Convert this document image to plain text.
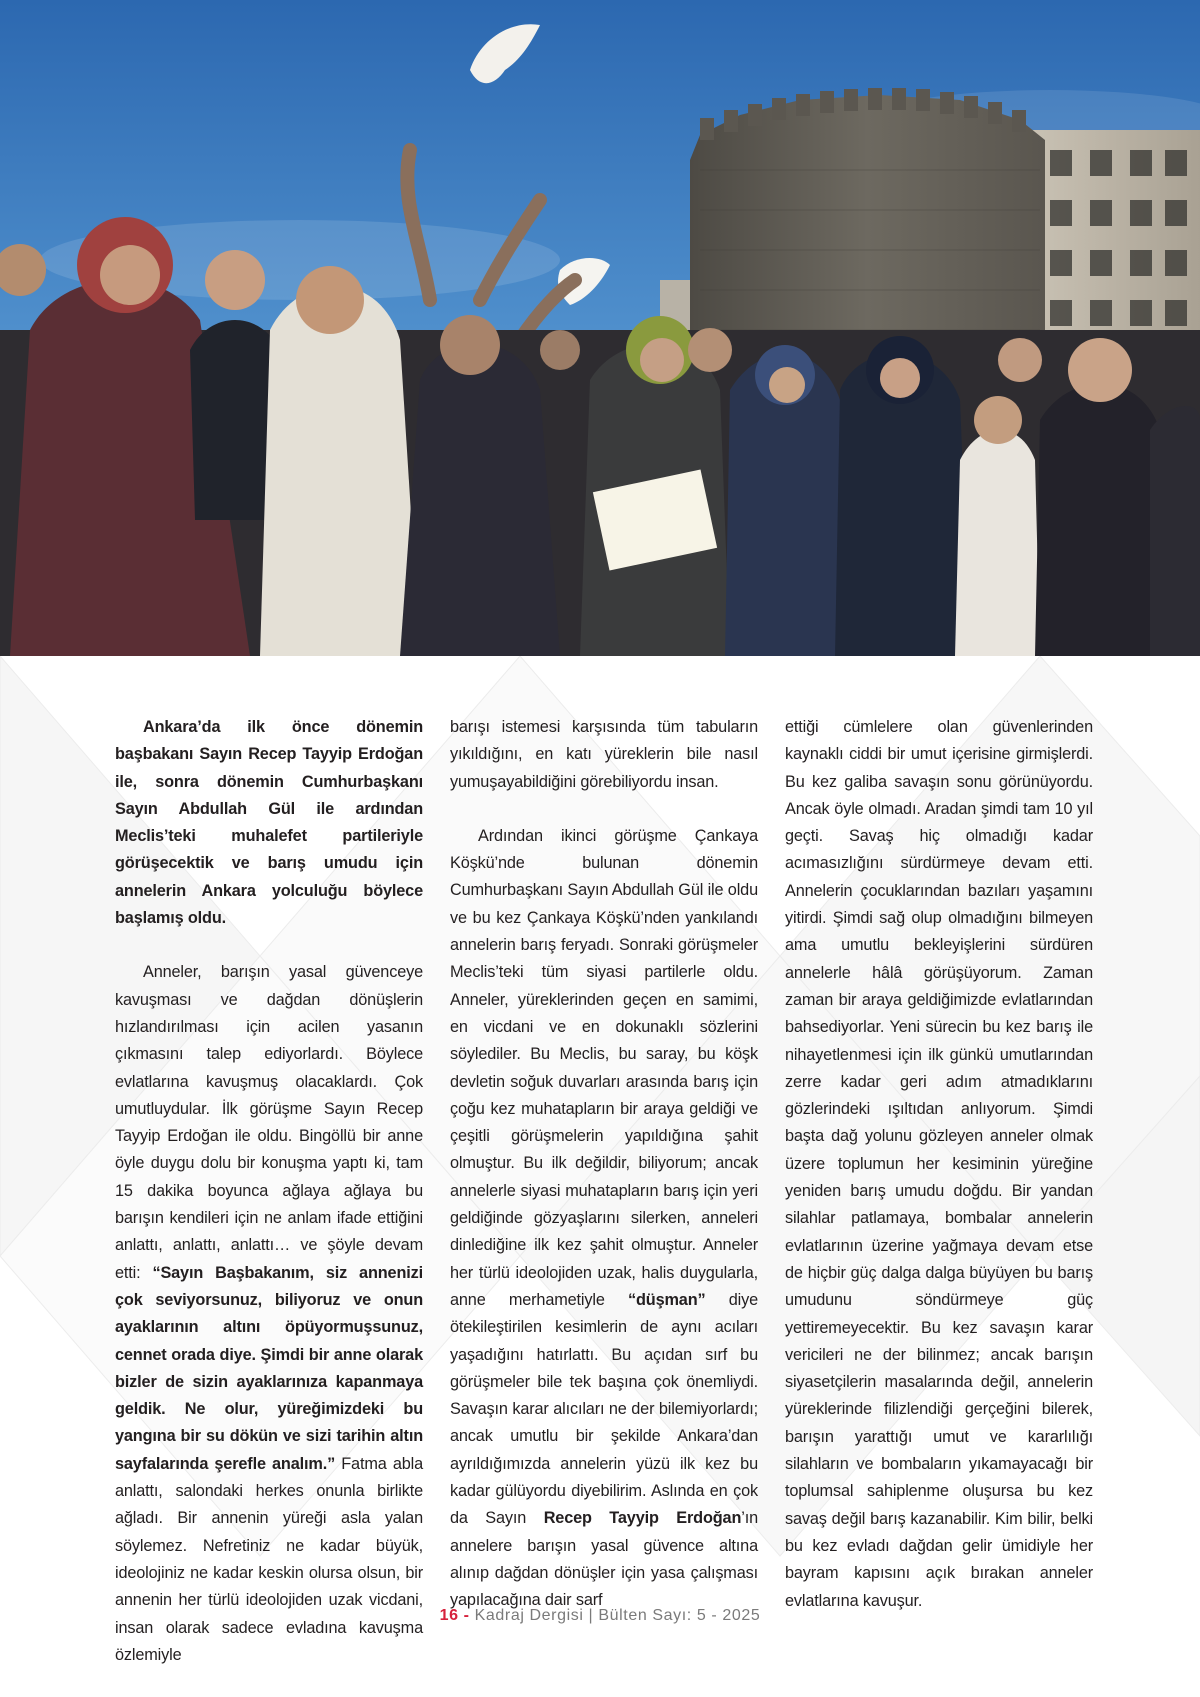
Ankara’da ilk önce dönemin başbakanı Sayın Recep Tayyip Erdoğan ile, sonra dönemin Cumhurbaşkanı Sayın Abdullah Gül ile ardından Meclis’teki muhalefet partileriyle görüşecektik ve barış umudu için annelerin Ankara yolculuğu böylece başlamış oldu.

Anneler, barışın yasal güvenceye kavuşması ve dağdan dönüşlerin hızlandırılması için acilen yasanın çıkmasını talep ediyorlardı. Böylece evlatlarına kavuşmuş olacaklardı. Çok umutluydular. İlk görüşme Sayın Recep Tayyip Erdoğan ile oldu. Bingöllü bir anne öyle duygu dolu bir konuşma yaptı ki, tam 15 dakika boyunca ağlaya ağlaya bu barışın kendileri için ne anlam ifade ettiğini anlattı, anlattı, anlattı… ve şöyle devam etti: “Sayın Başbakanım, siz annenizi çok seviyorsunuz, biliyoruz ve onun ayaklarının altını öpüyormuşsunuz, cennet orada diye. Şimdi bir anne olarak bizler de sizin ayaklarınıza kapanmaya geldik. Ne olur, yüreğimizdeki bu yangına bir su dökün ve sizi tarihin altın sayfalarında şerefle analım.” Fatma abla anlattı, salondaki herkes onunla birlikte ağladı. Bir annenin yüreği asla yalan söylemez. Nefretiniz ne kadar büyük, ideolojiniz ne kadar keskin olursa olsun, bir annenin her türlü ideolojiden uzak vicdani, insan olarak sadece evladına kavuşma özlemiyle

barışı istemesi karşısında tüm tabuların yıkıldığını, en katı yüreklerin bile nasıl yumuşayabildiğini görebiliyordu insan.

Ardından ikinci görüşme Çankaya Köşkü’nde bulunan dönemin Cumhurbaşkanı Sayın Abdullah Gül ile oldu ve bu kez Çankaya Köşkü’nden yankılandı annelerin barış feryadı. Sonraki görüşmeler Meclis’teki tüm siyasi partilerle oldu. Anneler, yüreklerinden geçen en samimi, en vicdani ve en dokunaklı sözlerini söylediler. Bu Meclis, bu saray, bu köşk devletin soğuk duvarları arasında barış için çoğu kez muhatapların bir araya geldiği ve çeşitli görüşmelerin yapıldığına şahit olmuştur. Bu ilk değildir, biliyorum; ancak annelerle siyasi muhatapların barış için yeri geldiğinde gözyaşlarını silerken, anneleri dinlediğine ilk kez şahit olmuştur. Anneler her türlü ideolojiden uzak, halis duygularla, anne merhametiyle “düşman” diye ötekileştirilen kesimlerin de aynı acıları yaşadığını hatırlattı. Bu açıdan sırf bu görüşmeler bile tek başına çok önemliydi. Savaşın karar alıcıları ne der bilemiyorlardı; ancak umutlu bir şekilde Ankara’dan ayrıldığımızda annelerin yüzü ilk kez bu kadar gülüyordu diyebilirim. Aslında en çok da Sayın Recep Tayyip Erdoğan’ın annelere barışın yasal güvence altına alınıp dağdan dönüşler için yasa çalışması yapılacağına dair sarf

ettiği cümlelere olan güvenlerinden kaynaklı ciddi bir umut içerisine girmişlerdi. Bu kez galiba savaşın sonu görünüyordu. Ancak öyle olmadı. Aradan şimdi tam 10 yıl geçti. Savaş hiç olmadığı kadar acımasızlığını sürdürmeye devam etti. Annelerin çocuklarından bazıları yaşamını yitirdi. Şimdi sağ olup olmadığını bilmeyen ama umutlu bekleyişlerini sürdüren annelerle hâlâ görüşüyorum. Zaman zaman bir araya geldiğimizde evlatlarından bahsediyorlar. Yeni sürecin bu kez barış ile nihayetlenmesi için ilk günkü umutlarından zerre kadar geri adım atmadıklarını gözlerindeki ışıltıdan anlıyorum. Şimdi başta dağ yolunu gözleyen anneler olmak üzere toplumun her kesiminin yüreğine yeniden barış umudu doğdu. Bir yandan silahlar patlamaya, bombalar annelerin evlatlarının üzerine yağmaya devam etse de hiçbir güç dalga dalga büyüyen bu barış umudunu söndürmeye güç yettiremeyecektir. Bu kez savaşın karar vericileri ne der bilinmez; ancak barışın siyasetçilerin masalarında değil, annelerin yüreklerinde filizlendiği gerçeğini bilerek, barışın yarattığı umut ve kararlılığı silahların ve bombaların yıkamayacağı bir toplumsal sahiplenme oluşursa bu kez savaş değil barış kazanabilir. Kim bilir, belki bu kez evladı dağdan gelir ümidiyle her bayram kapısını açık bırakan anneler evlatlarına kavuşur.

16 - Kadraj Dergisi | Bülten Sayı: 5 - 2025
